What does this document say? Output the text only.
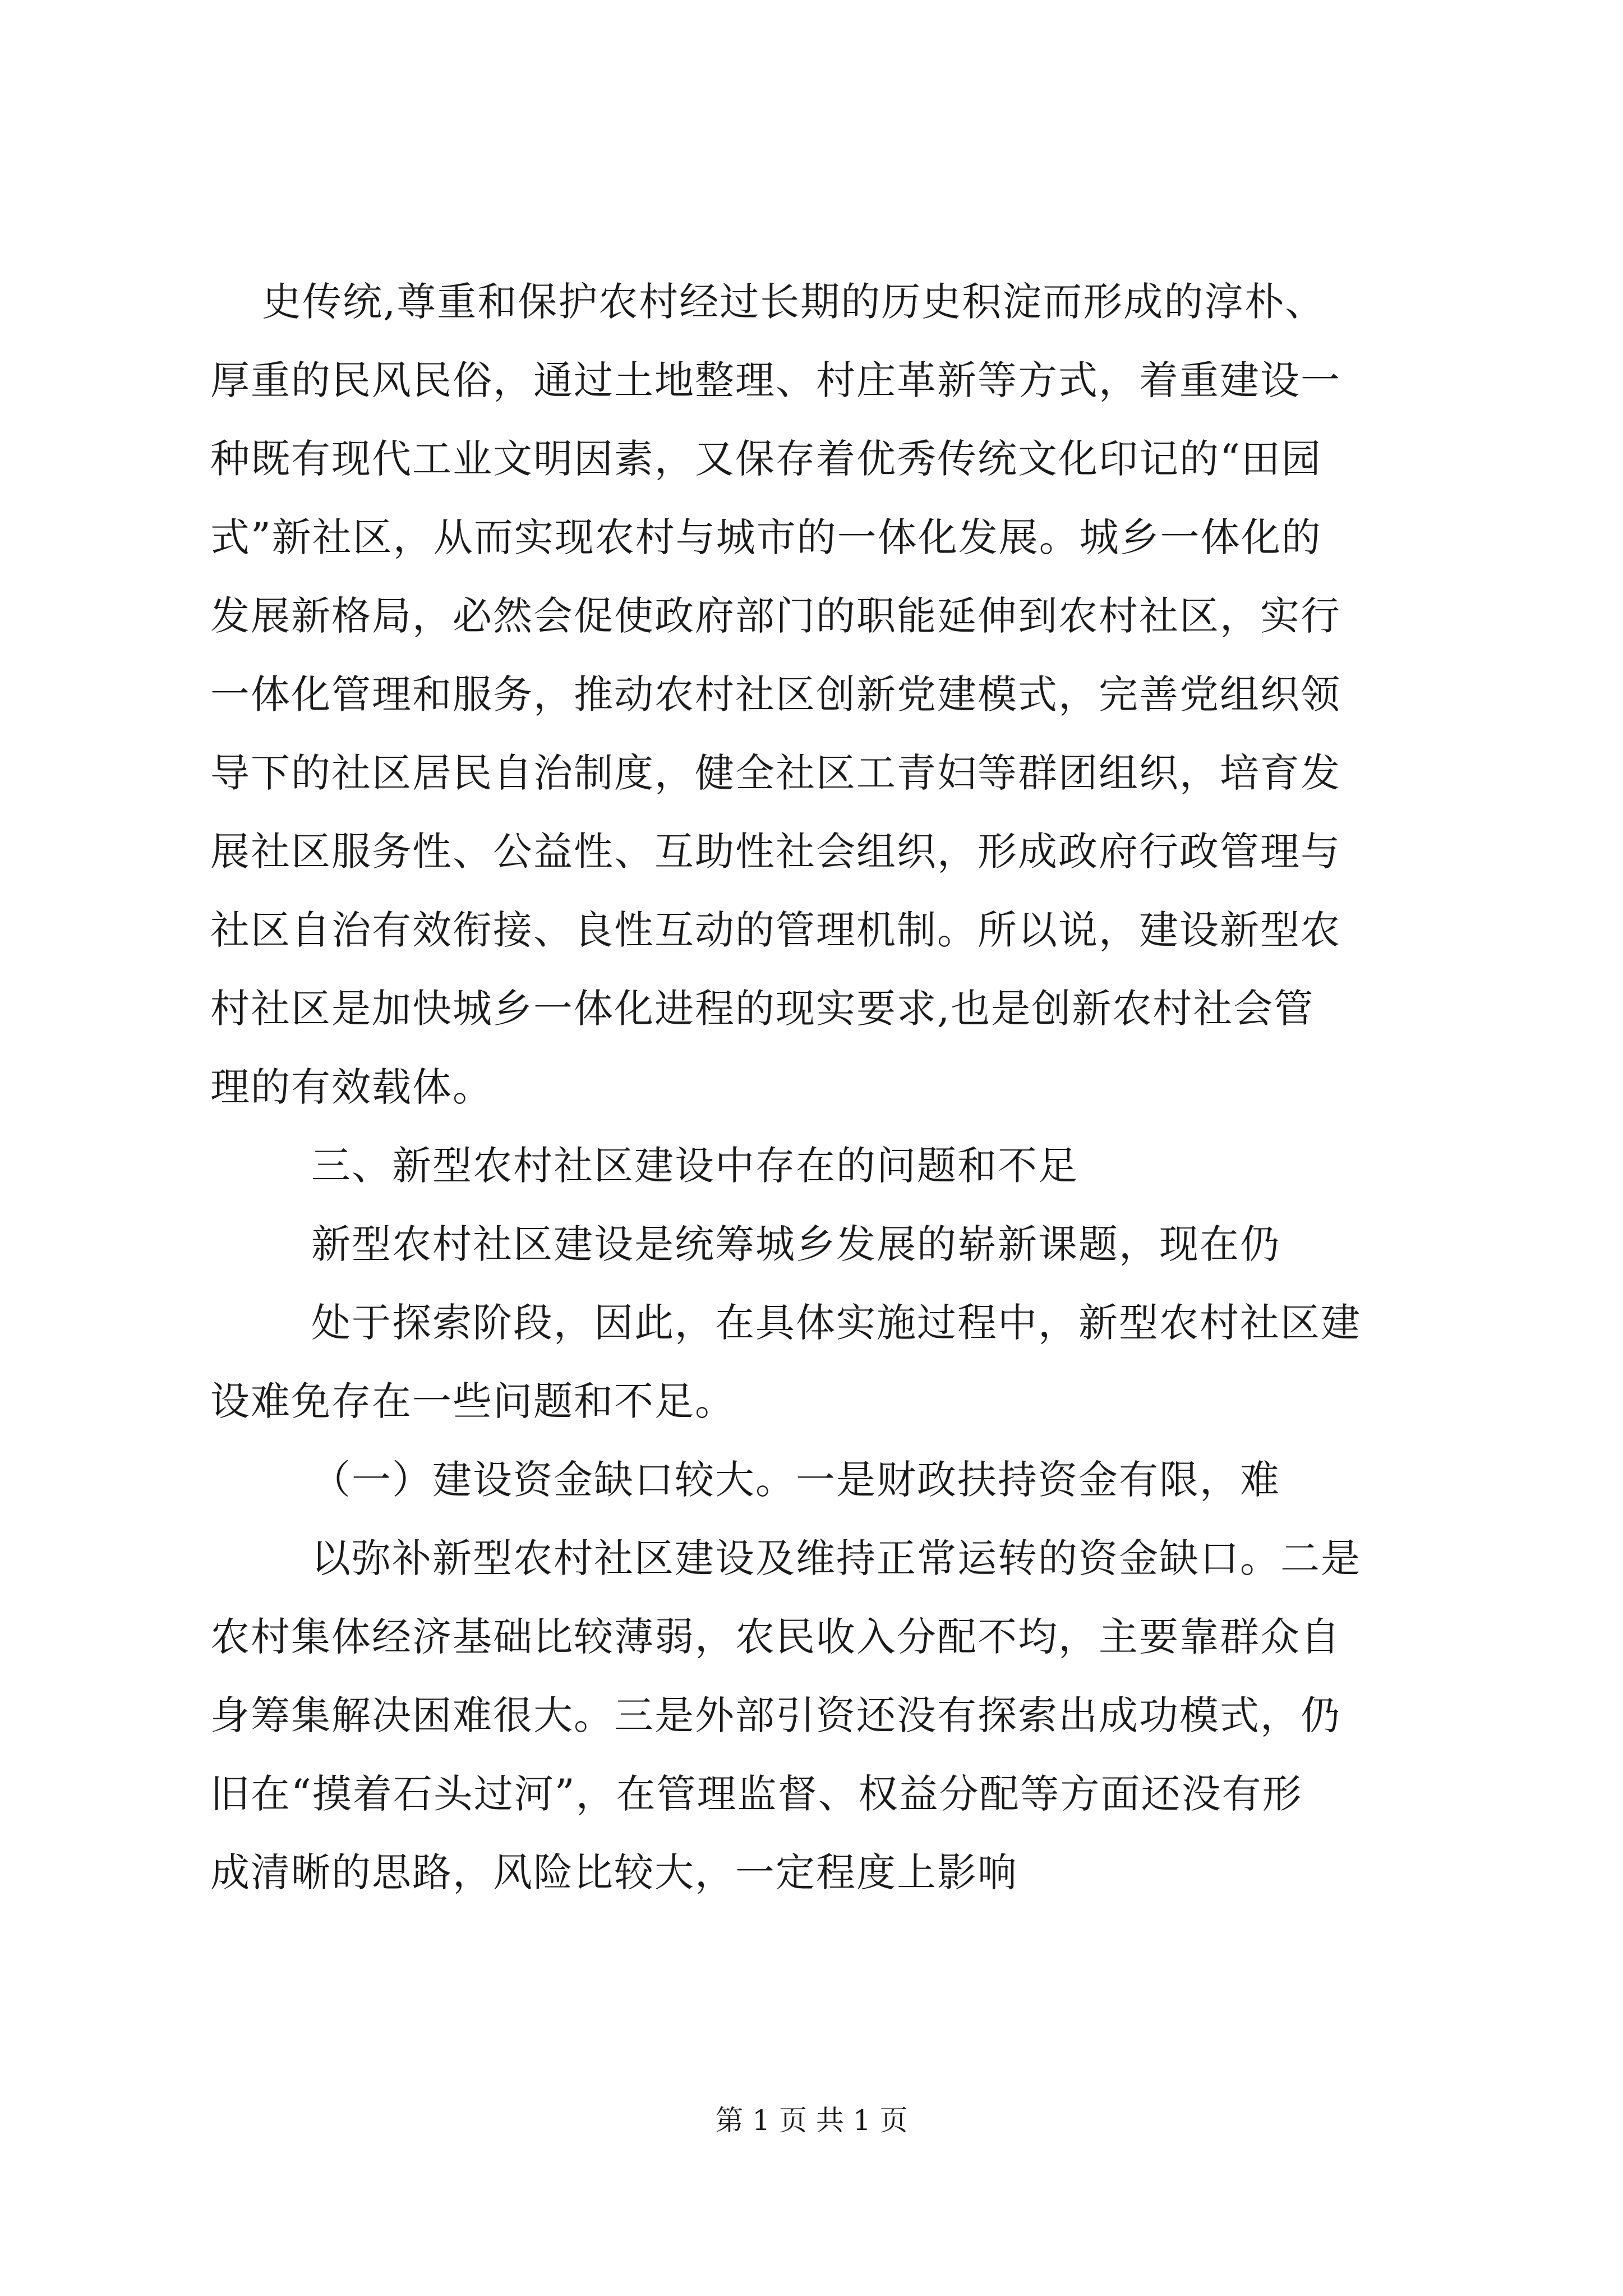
史传统,尊重和保护农村经过长期的历史积淀而形成的淳朴、

厚重的民风民俗，通过土地整理、村庄革新等方式，着重建设一

种既有现代工业文明因素，又保存着优秀传统文化印记的“田园

式”新社区，从而实现农村与城市的一体化发展。城乡一体化的

发展新格局，必然会促使政府部门的职能延伸到农村社区，实行

一体化管理和服务，推动农村社区创新党建模式，完善党组织领

导下的社区居民自治制度，健全社区工青妇等群团组织，培育发

展社区服务性、公益性、互助性社会组织，形成政府行政管理与

社区自治有效衔接、良性互动的管理机制。所以说，建设新型农

村社区是加快城乡一体化进程的现实要求,也是创新农村社会管

理的有效载体。

三、新型农村社区建设中存在的问题和不足

新型农村社区建设是统筹城乡发展的崭新课题，现在仍

处于探索阶段，因此，在具体实施过程中，新型农村社区建

设难免存在一些问题和不足。

（一）建设资金缺口较大。一是财政扶持资金有限，难

以弥补新型农村社区建设及维持正常运转的资金缺口。二是

农村集体经济基础比较薄弱，农民收入分配不均，主要靠群众自

身筹集解决困难很大。三是外部引资还没有探索出成功模式，仍

旧在“摸着石头过河”，在管理监督、权益分配等方面还没有形

成清晰的思路，风险比较大，一定程度上影响

第 1 页 共 1 页
